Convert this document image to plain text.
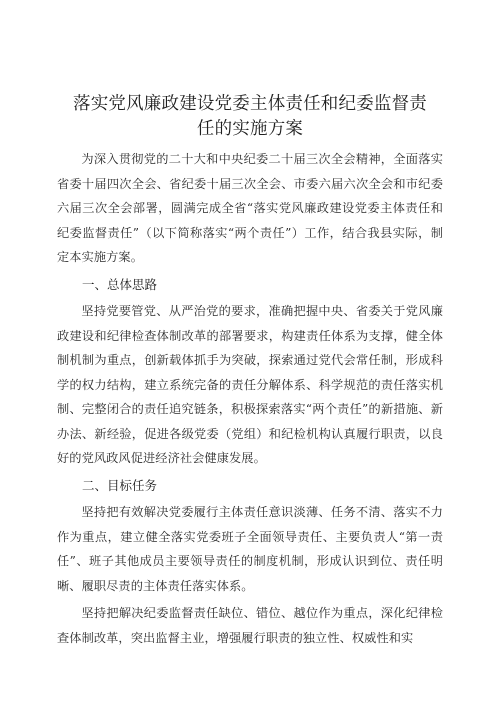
落实党风廉政建设党委主体责任和纪委监督责
任的实施方案

为深入贯彻党的二十大和中央纪委二十届三次全会精神，全面落实省委十届四次全会、省纪委十届三次全会、市委六届六次全会和市纪委六届三次全会部署，圆满完成全省“落实党风廉政建设党委主体责任和纪委监督责任”（以下简称落实“两个责任”）工作，结合我县实际，制定本实施方案。

一、总体思路

坚持党要管党、从严治党的要求，准确把握中央、省委关于党风廉政建设和纪律检查体制改革的部署要求，构建责任体系为支撑，健全体制机制为重点，创新载体抓手为突破，探索通过党代会常任制，形成科学的权力结构，建立系统完备的责任分解体系、科学规范的责任落实机制、完整闭合的责任追究链条，积极探索落实“两个责任”的新措施、新办法、新经验，促进各级党委（党组）和纪检机构认真履行职责，以良好的党风政风促进经济社会健康发展。

二、目标任务

坚持把有效解决党委履行主体责任意识淡薄、任务不清、落实不力作为重点，建立健全落实党委班子全面领导责任、主要负责人“第一责任”、班子其他成员主要领导责任的制度机制，形成认识到位、责任明晰、履职尽责的主体责任落实体系。

坚持把解决纪委监督责任缺位、错位、越位作为重点，深化纪律检查体制改革，突出监督主业，增强履行职责的独立性、权威性和实
